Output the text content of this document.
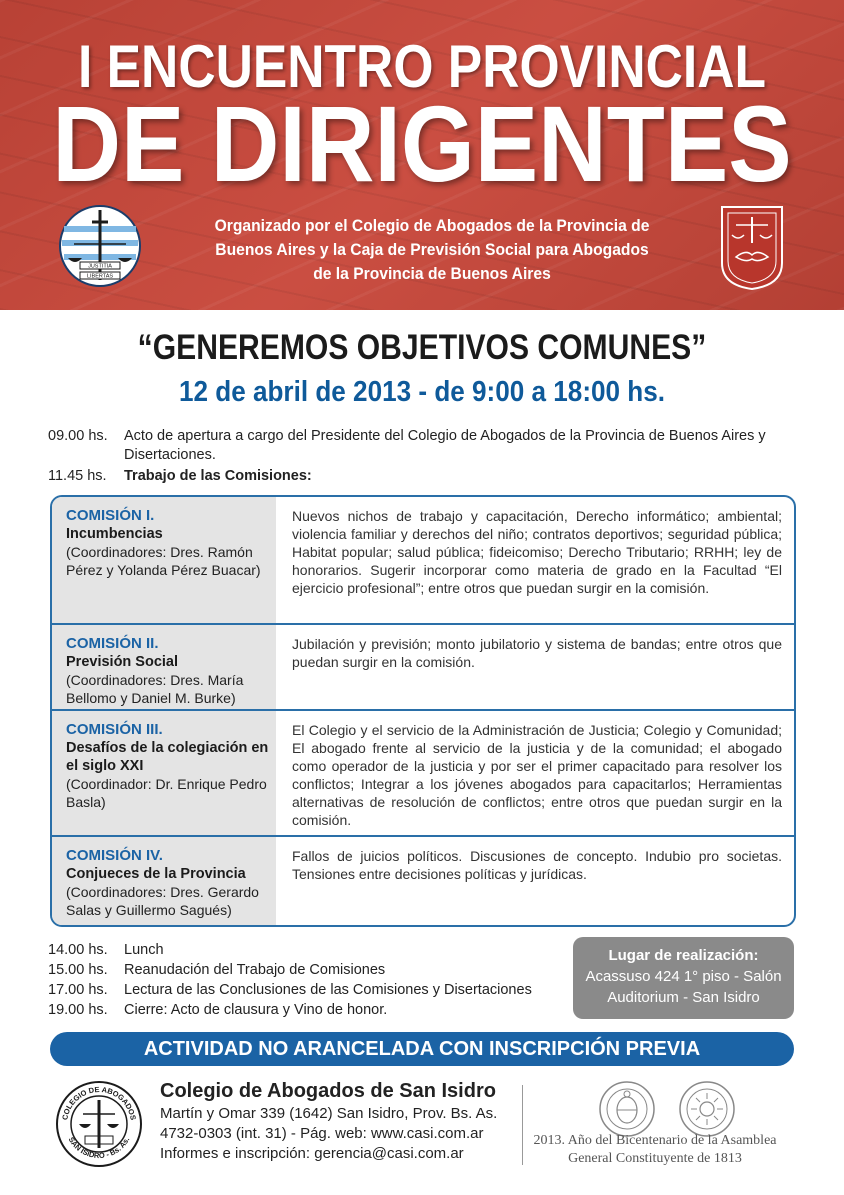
I ENCUENTRO PROVINCIAL
DE DIRIGENTES
JUSTITIA
LIBERTAS
Organizado por el Colegio de Abogados de la Provincia de
Buenos Aires y la Caja de Previsión Social para Abogados
de la Provincia de Buenos Aires
“GENEREMOS OBJETIVOS COMUNES”
12 de abril de 2013 - de 9:00 a 18:00 hs.
09.00 hs. Acto de apertura a cargo del Presidente del Colegio de Abogados de la Provincia de Buenos Aires y Disertaciones.
11.45 hs. Trabajo de las Comisiones:
COMISIÓN I.
Incumbencias
(Coordinadores: Dres. Ramón Pérez y Yolanda Pérez Buacar)
Nuevos nichos de trabajo y capacitación, Derecho informático; ambiental; violencia familiar y derechos del niño; contratos deportivos; seguridad pública; Habitat popular; salud pública; fideicomiso; Derecho Tributario; RRHH; ley de honorarios. Sugerir incorporar como materia de grado en la Facultad “El ejercicio profesional”; entre otros que puedan surgir en la comisión.
COMISIÓN II.
Previsión Social
(Coordinadores: Dres. María Bellomo y Daniel M. Burke)
Jubilación y previsión; monto jubilatorio y sistema de bandas; entre otros que puedan surgir en la comisión.
COMISIÓN III.
Desafíos de la colegiación en el siglo XXI
(Coordinador: Dr. Enrique Pedro Basla)
El Colegio y el servicio de la Administración de Justicia; Colegio y Comunidad; El abogado frente al servicio de la justicia y de la comunidad; el abogado como operador de la justicia y por ser el primer capacitado para resolver los conflictos; Integrar a los jóvenes abogados para capacitarlos; Herramientas alternativas de resolución de conflictos; entre otros que puedan surgir en la comisión.
COMISIÓN IV.
Conjueces de la Provincia
(Coordinadores: Dres. Gerardo Salas y Guillermo Sagués)
Fallos de juicios políticos. Discusiones de concepto. Indubio pro societas. Tensiones entre decisiones políticas y jurídicas.
14.00 hs. Lunch
15.00 hs. Reanudación del Trabajo de Comisiones
17.00 hs. Lectura de las Conclusiones de las Comisiones y Disertaciones
19.00 hs. Cierre: Acto de clausura y Vino de honor.
Lugar de realización:
Acassuso 424 1° piso - Salón
Auditorium - San Isidro
ACTIVIDAD NO ARANCELADA CON INSCRIPCIÓN PREVIA
COLEGIO DE ABOGADOS
SAN ISIDRO - Bs. As.
Colegio de Abogados de San Isidro
Martín y Omar 339 (1642) San Isidro, Prov. Bs. As.
4732-0303 (int. 31) - Pág. web: www.casi.com.ar
Informes e inscripción: gerencia@casi.com.ar
2013. Año del Bicentenario de la Asamblea
General Constituyente de 1813
